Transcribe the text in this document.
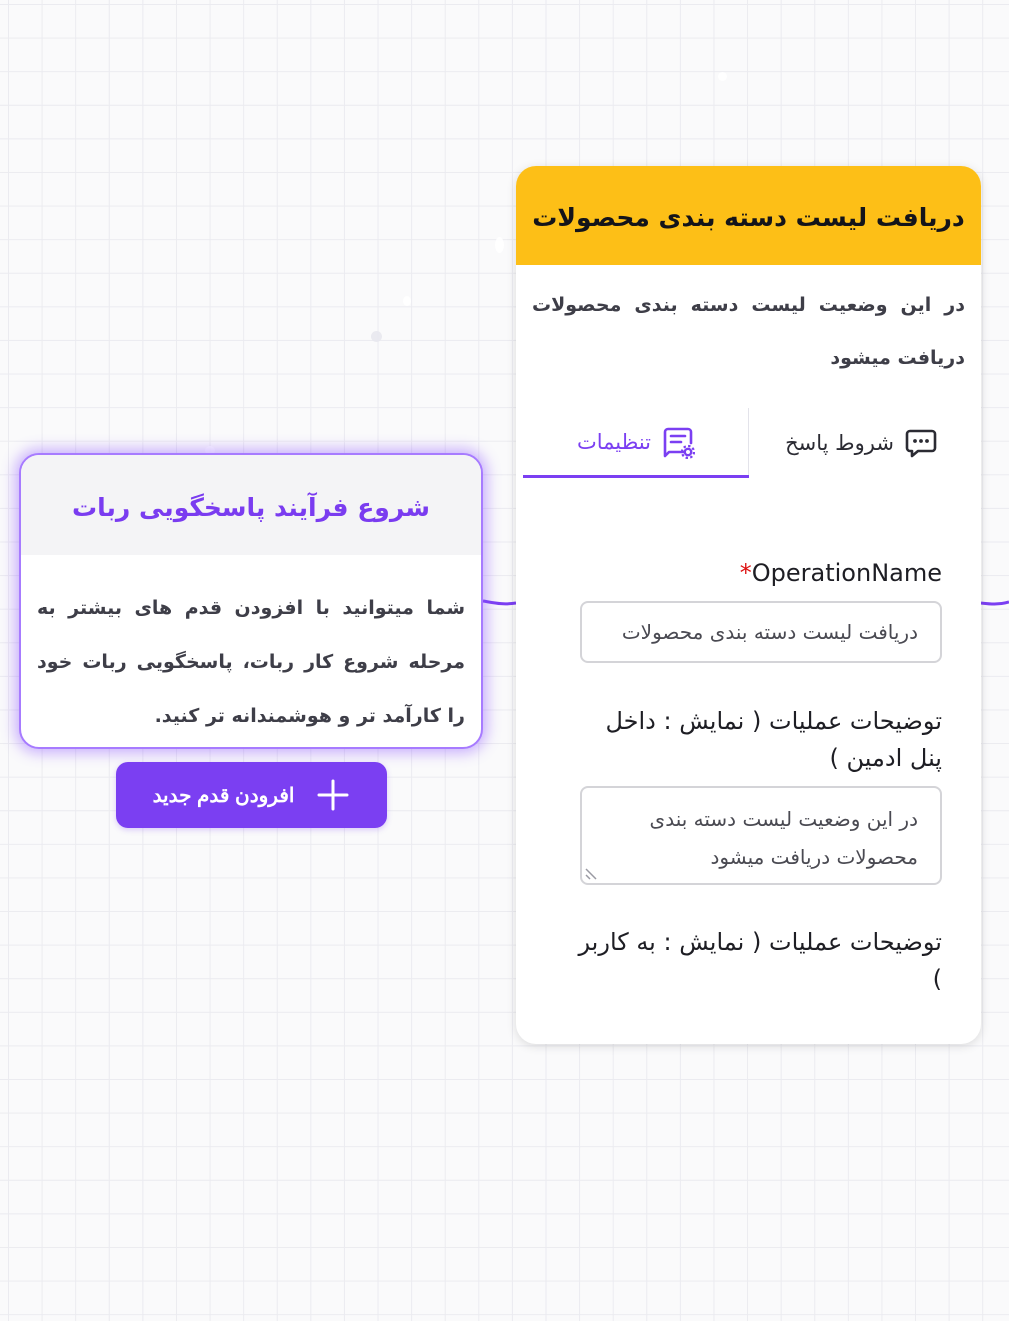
شروع فرآیند پاسخگویی ربات
شما میتوانید با افزودن قدم های بیشتر به مرحله شروع کار ربات، پاسخگویی ربات خود را کارآمد تر و هوشمندانه تر کنید.
افرودن قدم جدید
دریافت لیست دسته بندی محصولات
در این وضعیت لیست دسته بندی محصولات دریافت میشود
شروط پاسخ
تنظیمات
*OperationName
دریافت لیست دسته بندی محصولات
توضیحات عملیات ( نمایش : داخل پنل ادمین )
در این وضعیت لیست دسته بندی محصولات دریافت میشود
توضیحات عملیات ( نمایش : به کاربر )
